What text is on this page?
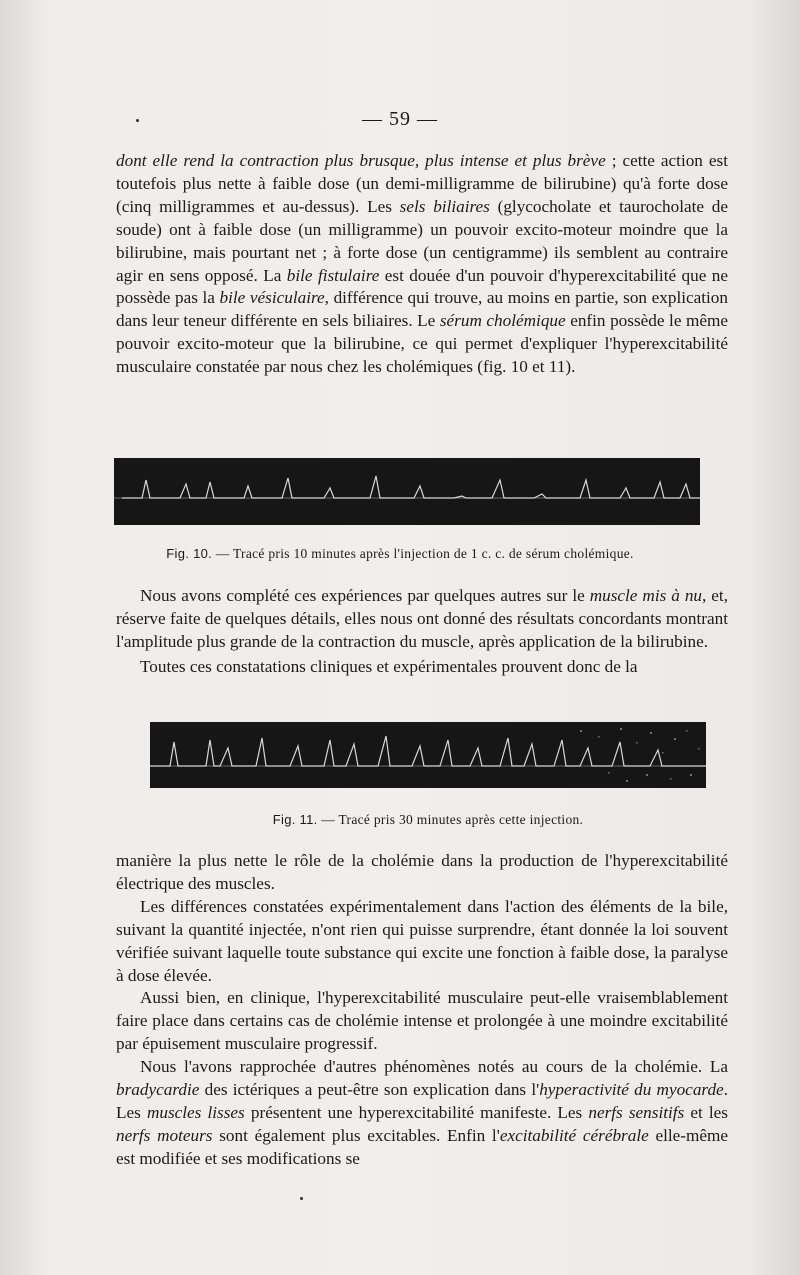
— 59 —

dont elle rend la contraction plus brusque, plus intense et plus brève ; cette action est toutefois plus nette à faible dose (un demi-milligramme de bilirubine) qu'à forte dose (cinq milligrammes et au-dessus). Les sels biliaires (glycocholate et taurocholate de soude) ont à faible dose (un milligramme) un pouvoir excito-moteur moindre que la bilirubine, mais pourtant net ; à forte dose (un centigramme) ils semblent au contraire agir en sens opposé. La bile fistulaire est douée d'un pouvoir d'hyperexcitabilité que ne possède pas la bile vésiculaire, différence qui trouve, au moins en partie, son explication dans leur teneur différente en sels biliaires. Le sérum cholémique enfin possède le même pouvoir excito-moteur que la bilirubine, ce qui permet d'expliquer l'hyperexcitabilité musculaire constatée par nous chez les cholémiques (fig. 10 et 11).

Fig. 10. — Tracé pris 10 minutes après l'injection de 1 c. c. de sérum cholémique.

Nous avons complété ces expériences par quelques autres sur le muscle mis à nu, et, réserve faite de quelques détails, elles nous ont donné des résultats concordants montrant l'amplitude plus grande de la contraction du muscle, après application de la bilirubine.

Toutes ces constatations cliniques et expérimentales prouvent donc de la

Fig. 11. — Tracé pris 30 minutes après cette injection.

manière la plus nette le rôle de la cholémie dans la production de l'hyperexcitabilité électrique des muscles.

Les différences constatées expérimentalement dans l'action des éléments de la bile, suivant la quantité injectée, n'ont rien qui puisse surprendre, étant donnée la loi souvent vérifiée suivant laquelle toute substance qui excite une fonction à faible dose, la paralyse à dose élevée.

Aussi bien, en clinique, l'hyperexcitabilité musculaire peut-elle vraisemblablement faire place dans certains cas de cholémie intense et prolongée à une moindre excitabilité par épuisement musculaire progressif.

Nous l'avons rapprochée d'autres phénomènes notés au cours de la cholémie. La bradycardie des ictériques a peut-être son explication dans l'hyperactivité du myocarde. Les muscles lisses présentent une hyperexcitabilité manifeste. Les nerfs sensitifs et les nerfs moteurs sont également plus excitables. Enfin l'excitabilité cérébrale elle-même est modifiée et ses modifications se
